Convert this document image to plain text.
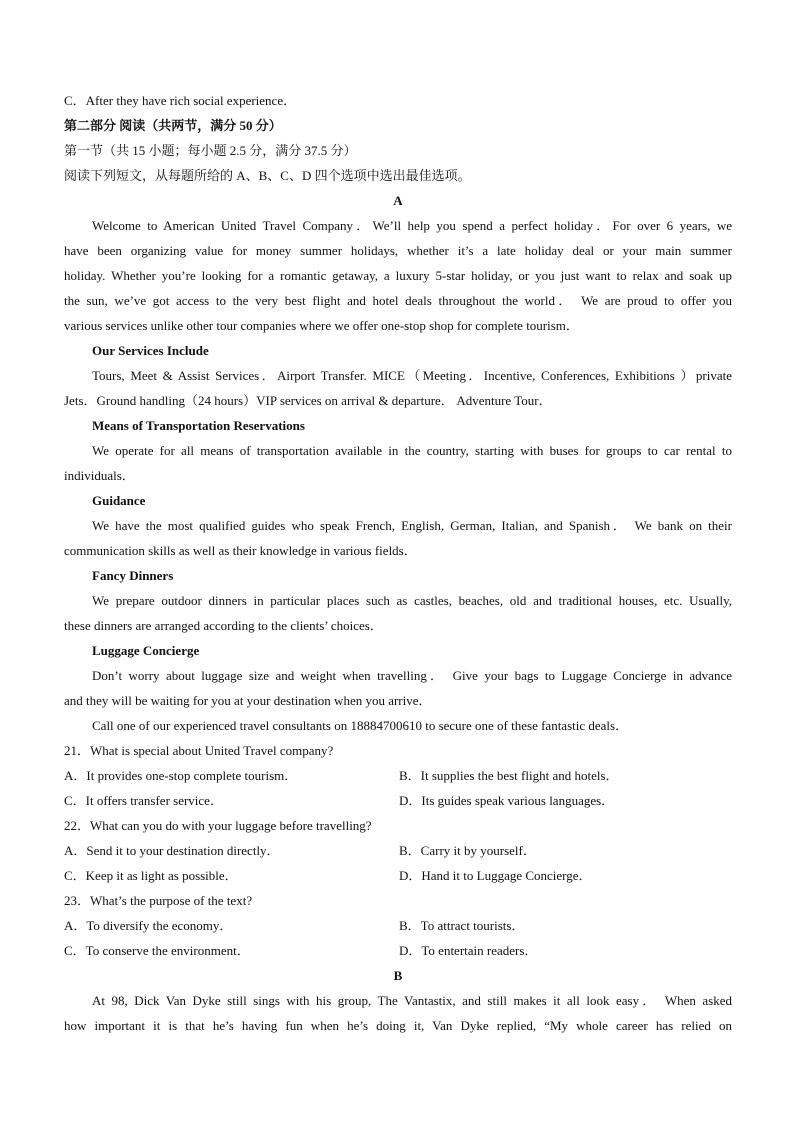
C．After they have rich social experience．
第二部分 阅读（共两节，满分 50 分）
第一节（共 15 小题；每小题 2.5 分，满分 37.5 分）
阅读下列短文，从每题所给的 A、B、C、D 四个选项中选出最佳选项。
A
Welcome to American United Travel Company．We’ll help you spend a perfect holiday．For over 6 years, we
have been organizing value for money summer holidays, whether it’s a late holiday deal or your main summer
holiday. Whether you’re looking for a romantic getaway, a luxury 5-star holiday, or you just want to relax and soak up
the sun, we’ve got access to the very best flight and hotel deals throughout the world． We are proud to offer you
various services unlike other tour companies where we offer one-stop shop for complete tourism．
Our Services Include
Tours, Meet & Assist Services．Airport Transfer. MICE（Meeting．Incentive, Conferences, Exhibitions ）private
Jets．Ground handling（24 hours）VIP services on arrival & departure． Adventure Tour．
Means of Transportation Reservations
We operate for all means of transportation available in the country, starting with buses for groups to car rental to
individuals．
Guidance
We have the most qualified guides who speak French, English, German, Italian, and Spanish． We bank on their
communication skills as well as their knowledge in various fields．
Fancy Dinners
We prepare outdoor dinners in particular places such as castles, beaches, old and traditional houses, etc. Usually,
these dinners are arranged according to the clients’ choices．
Luggage Concierge
Don’t worry about luggage size and weight when travelling． Give your bags to Luggage Concierge in advance
and they will be waiting for you at your destination when you arrive．
Call one of our experienced travel consultants on 18884700610 to secure one of these fantastic deals．
21．What is special about United Travel company?
A．It provides one-stop complete tourism．	B．It supplies the best flight and hotels．
C．It offers transfer service．	D．Its guides speak various languages．
22．What can you do with your luggage before travelling?
A．Send it to your destination directly．	B．Carry it by yourself．
C．Keep it as light as possible．	D．Hand it to Luggage Concierge．
23．What’s the purpose of the text?
A．To diversify the economy．	B．To attract tourists．
C．To conserve the environment．	D．To entertain readers．
B
At 98, Dick Van Dyke still sings with his group, The Vantastix, and still makes it all look easy． When asked
how important it is that he’s having fun when he’s doing it, Van Dyke replied, “My whole career has relied on
